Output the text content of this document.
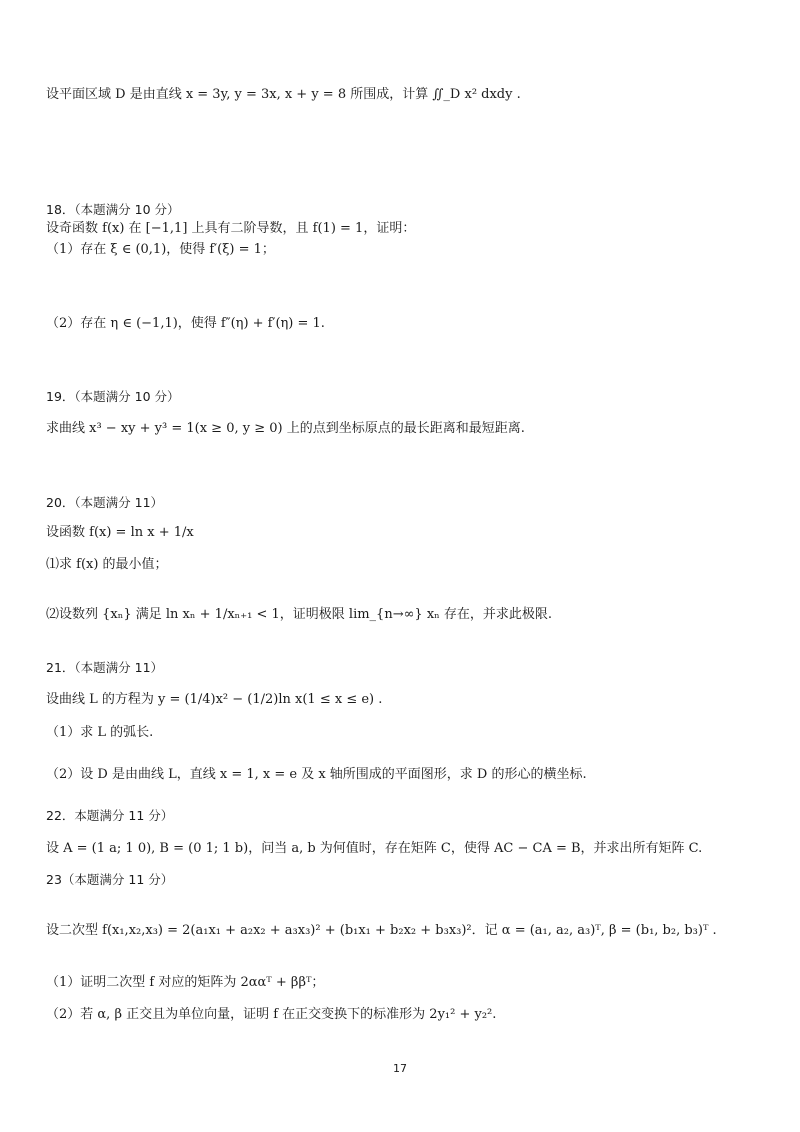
设平面区域 D 是由直线 x = 3y, y = 3x, x + y = 8 所围成，计算 ∬_D x² dxdy .
18．（本题满分 10 分）
设奇函数 f(x) 在 [−1,1] 上具有二阶导数，且 f(1) = 1，证明：
（1）存在 ξ ∈ (0,1)，使得 f′(ξ) = 1；
（2）存在 η ∈ (−1,1)，使得 f″(η) + f′(η) = 1.
19．（本题满分 10 分）
求曲线 x³ − xy + y³ = 1(x ≥ 0, y ≥ 0) 上的点到坐标原点的最长距离和最短距离.
20．（本题满分 11）
设函数 f(x) = ln x + 1/x
⑴求 f(x) 的最小值；
⑵设数列 {xₙ} 满足 ln xₙ + 1/xₙ₊₁ < 1，证明极限 lim_{n→∞} xₙ 存在，并求此极限.
21．（本题满分 11）
设曲线 L 的方程为 y = (1/4)x² − (1/2)ln x(1 ≤ x ≤ e) .
（1）求 L 的弧长.
（2）设 D 是由曲线 L，直线 x = 1, x = e 及 x 轴所围成的平面图形，求 D 的形心的横坐标.
22．本题满分 11 分）
设 A = (1 a; 1 0), B = (0 1; 1 b)，问当 a, b 为何值时，存在矩阵 C，使得 AC − CA = B，并求出所有矩阵 C.
23（本题满分 11 分）
设二次型 f(x₁,x₂,x₃) = 2(a₁x₁ + a₂x₂ + a₃x₃)² + (b₁x₁ + b₂x₂ + b₃x₃)²．记 α = (a₁, a₂, a₃)ᵀ, β = (b₁, b₂, b₃)ᵀ .
（1）证明二次型 f 对应的矩阵为 2ααᵀ + ββᵀ；
（2）若 α, β 正交且为单位向量，证明 f 在正交变换下的标准形为 2y₁² + y₂².
17
